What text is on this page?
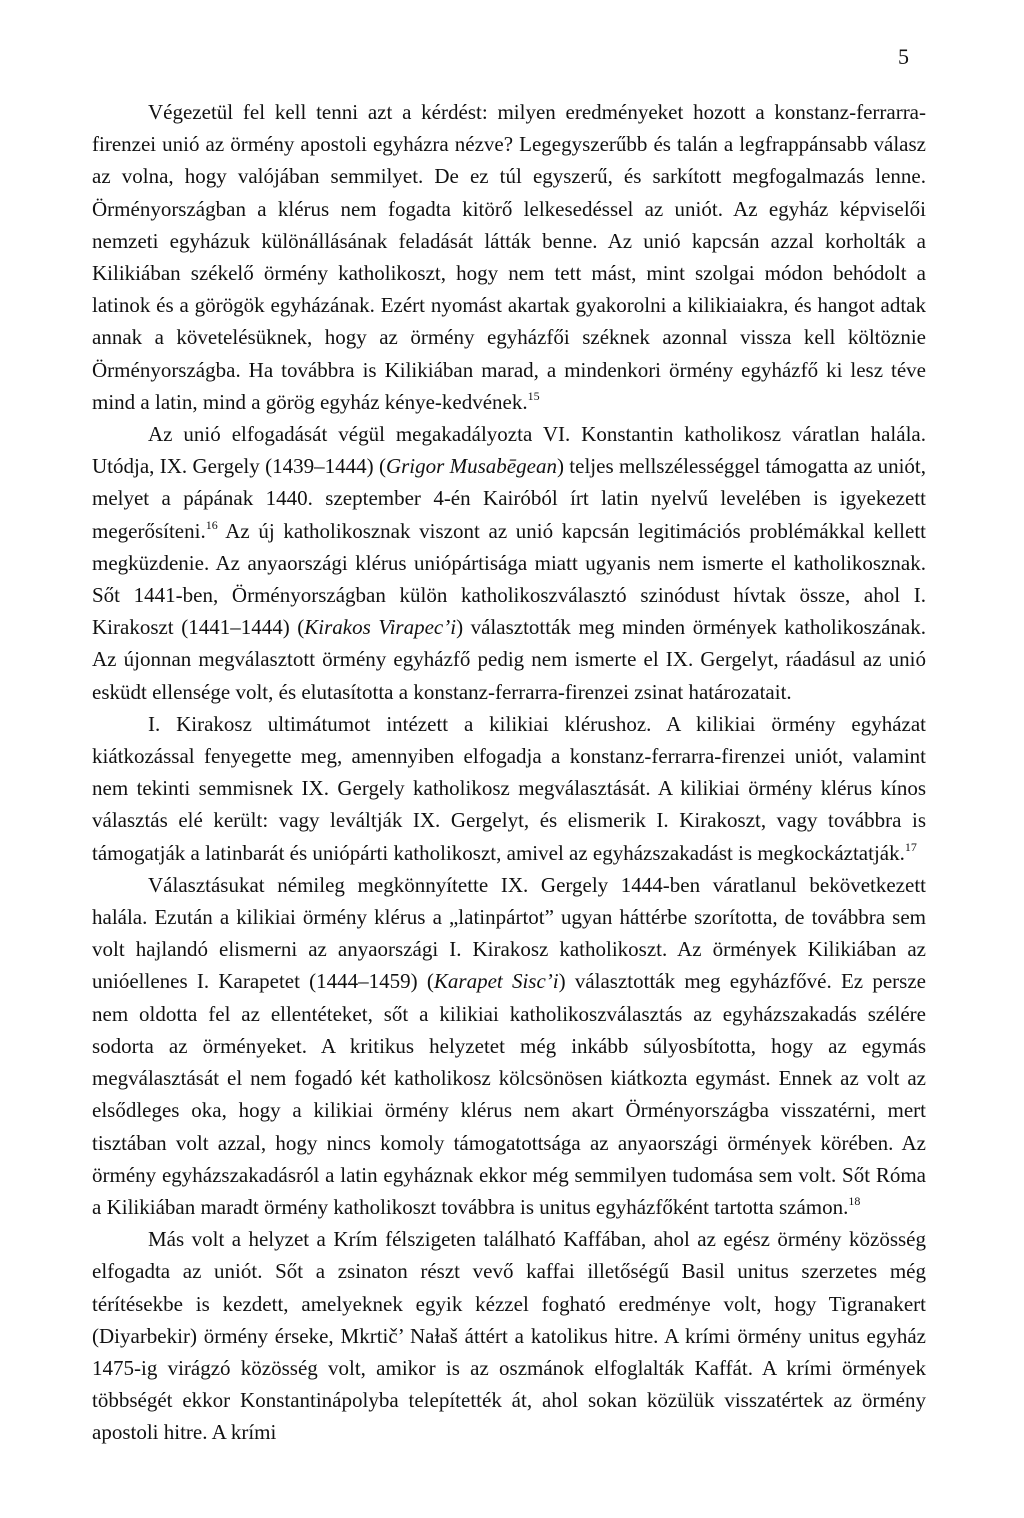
5

Végezetül fel kell tenni azt a kérdést: milyen eredményeket hozott a konstanz-ferrarra-firenzei unió az örmény apostoli egyházra nézve? Legegyszerűbb és talán a legfrappánsabb válasz az volna, hogy valójában semmilyet. De ez túl egyszerű, és sarkított megfogalmazás lenne. Örményországban a klérus nem fogadta kitörő lelkesedéssel az uniót. Az egyház képviselői nemzeti egyházuk különállásának feladását látták benne. Az unió kapcsán azzal korholták a Kilikiában székelő örmény katholikoszt, hogy nem tett mást, mint szolgai módon behódolt a latinok és a görögök egyházának. Ezért nyomást akartak gyakorolni a kilikiaiakra, és hangot adtak annak a követelésüknek, hogy az örmény egyházfői széknek azonnal vissza kell költöznie Örményországba. Ha továbbra is Kilikiában marad, a mindenkori örmény egyházfő ki lesz téve mind a latin, mind a görög egyház kénye-kedvének.$^{15}$

Az unió elfogadását végül megakadályozta VI. Konstantin katholikosz váratlan halála. Utódja, IX. Gergely (1439–1444) (Grigor Musabēgean) teljes mellszélességgel támogatta az uniót, melyet a pápának 1440. szeptember 4-én Kairóból írt latin nyelvű levelében is igyekezett megerősíteni.$^{16}$ Az új katholikosznak viszont az unió kapcsán legitimációs problémákkal kellett megküzdenie. Az anyaországi klérus uniópártisága miatt ugyanis nem ismerte el katholikosznak. Sőt 1441-ben, Örményországban külön katholikoszválasztó szinódust hívtak össze, ahol I. Kirakoszt (1441–1444) (Kirakos Virapec’i) választották meg minden örmények katholikoszának. Az újonnan megválasztott örmény egyházfő pedig nem ismerte el IX. Gergelyt, ráadásul az unió esküdt ellensége volt, és elutasította a konstanz-ferrarra-firenzei zsinat határozatait.

I. Kirakosz ultimátumot intézett a kilikiai klérushoz. A kilikiai örmény egyházat kiátkozással fenyegette meg, amennyiben elfogadja a konstanz-ferrarra-firenzei uniót, valamint nem tekinti semmisnek IX. Gergely katholikosz megválasztását. A kilikiai örmény klérus kínos választás elé került: vagy leváltják IX. Gergelyt, és elismerik I. Kirakoszt, vagy továbbra is támogatják a latinbarát és uniópárti katholikoszt, amivel az egyházszakadást is megkockáztatják.$^{17}$

Választásukat némileg megkönnyítette IX. Gergely 1444-ben váratlanul bekövetkezett halála. Ezután a kilikiai örmény klérus a „latinpártot” ugyan háttérbe szorította, de továbbra sem volt hajlandó elismerni az anyaországi I. Kirakosz katholikoszt. Az örmények Kilikiában az unióellenes I. Karapetet (1444–1459) (Karapet Sisc’i) választották meg egyházfővé. Ez persze nem oldotta fel az ellentéteket, sőt a kilikiai katholikoszválasztás az egyházszakadás szélére sodorta az örményeket. A kritikus helyzetet még inkább súlyosbította, hogy az egymás megválasztását el nem fogadó két katholikosz kölcsönösen kiátkozta egymást. Ennek az volt az elsődleges oka, hogy a kilikiai örmény klérus nem akart Örményországba visszatérni, mert tisztában volt azzal, hogy nincs komoly támogatottsága az anyaországi örmények körében. Az örmény egyházszakadásról a latin egyháznak ekkor még semmilyen tudomása sem volt. Sőt Róma a Kilikiában maradt örmény katholikoszt továbbra is unitus egyházfőként tartotta számon.$^{18}$

Más volt a helyzet a Krím félszigeten található Kaffában, ahol az egész örmény közösség elfogadta az uniót. Sőt a zsinaton részt vevő kaffai illetőségű Basil unitus szerzetes még térítésekbe is kezdett, amelyeknek egyik kézzel fogható eredménye volt, hogy Tigranakert (Diyarbekir) örmény érseke, Mkrtič’ Naɫaš áttért a katolikus hitre. A krími örmény unitus egyház 1475-ig virágzó közösség volt, amikor is az oszmánok elfoglalták Kaffát. A krími örmények többségét ekkor Konstantinápolyba telepítették át, ahol sokan közülük visszatértek az örmény apostoli hitre. A krími
